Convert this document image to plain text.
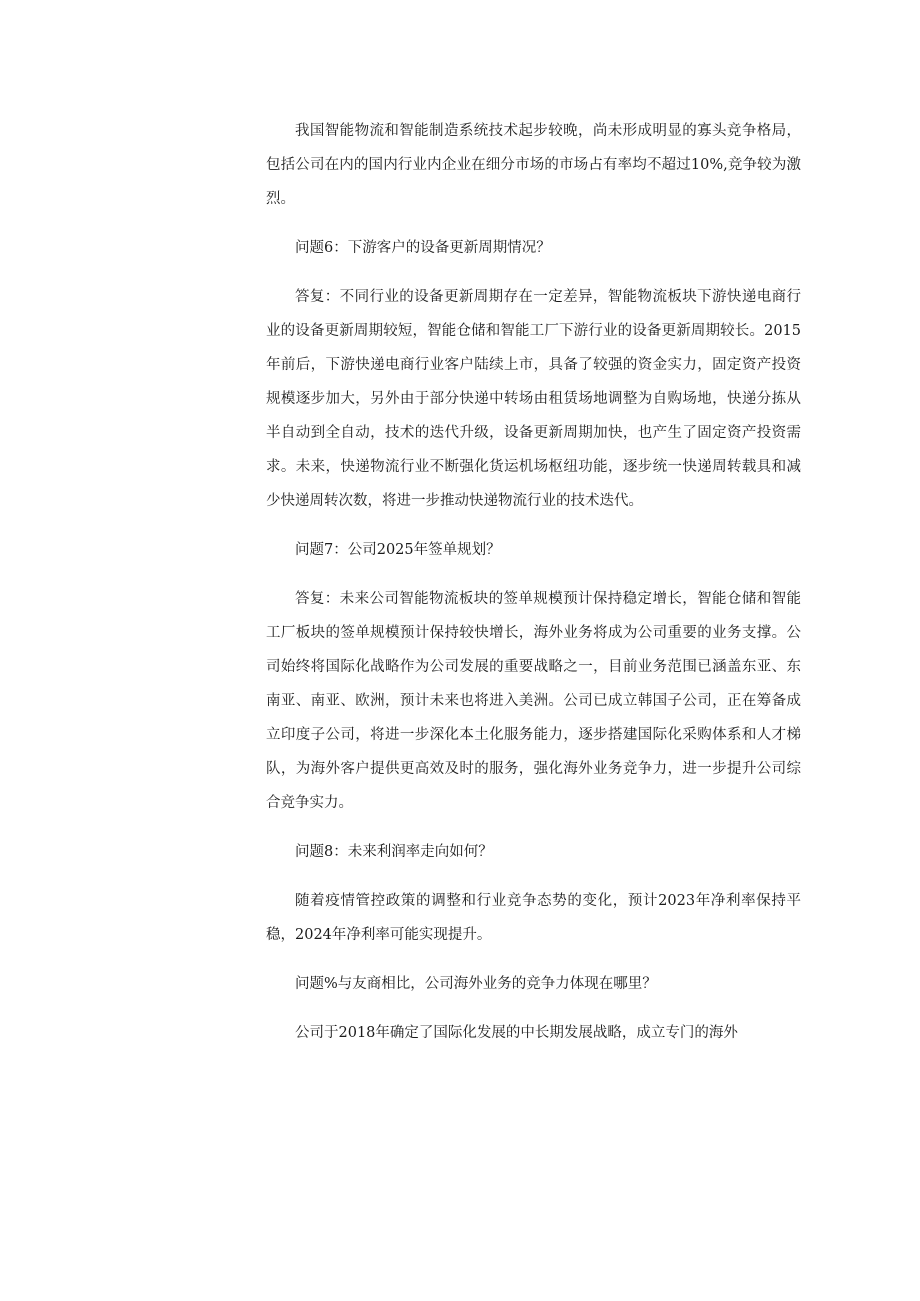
我国智能物流和智能制造系统技术起步较晚，尚未形成明显的寡头竞争格局，包括公司在内的国内行业内企业在细分市场的市场占有率均不超过10%,竞争较为激烈。

问题6：下游客户的设备更新周期情况？

答复：不同行业的设备更新周期存在一定差异，智能物流板块下游快递电商行业的设备更新周期较短，智能仓储和智能工厂下游行业的设备更新周期较长。2015年前后，下游快递电商行业客户陆续上市，具备了较强的资金实力，固定资产投资规模逐步加大，另外由于部分快递中转场由租赁场地调整为自购场地，快递分拣从半自动到全自动，技术的迭代升级，设备更新周期加快，也产生了固定资产投资需求。未来，快递物流行业不断强化货运机场枢纽功能，逐步统一快递周转载具和减少快递周转次数，将进一步推动快递物流行业的技术迭代。

问题7：公司2025年签单规划？

答复：未来公司智能物流板块的签单规模预计保持稳定增长，智能仓储和智能工厂板块的签单规模预计保持较快增长，海外业务将成为公司重要的业务支撑。公司始终将国际化战略作为公司发展的重要战略之一，目前业务范围已涵盖东亚、东南亚、南亚、欧洲，预计未来也将进入美洲。公司已成立韩国子公司，正在筹备成立印度子公司，将进一步深化本土化服务能力，逐步搭建国际化采购体系和人才梯队，为海外客户提供更高效及时的服务，强化海外业务竞争力，进一步提升公司综合竞争实力。

问题8：未来利润率走向如何？

随着疫情管控政策的调整和行业竞争态势的变化，预计2023年净利率保持平稳，2024年净利率可能实现提升。

问题%与友商相比，公司海外业务的竞争力体现在哪里？

公司于2018年确定了国际化发展的中长期发展战略，成立专门的海外
